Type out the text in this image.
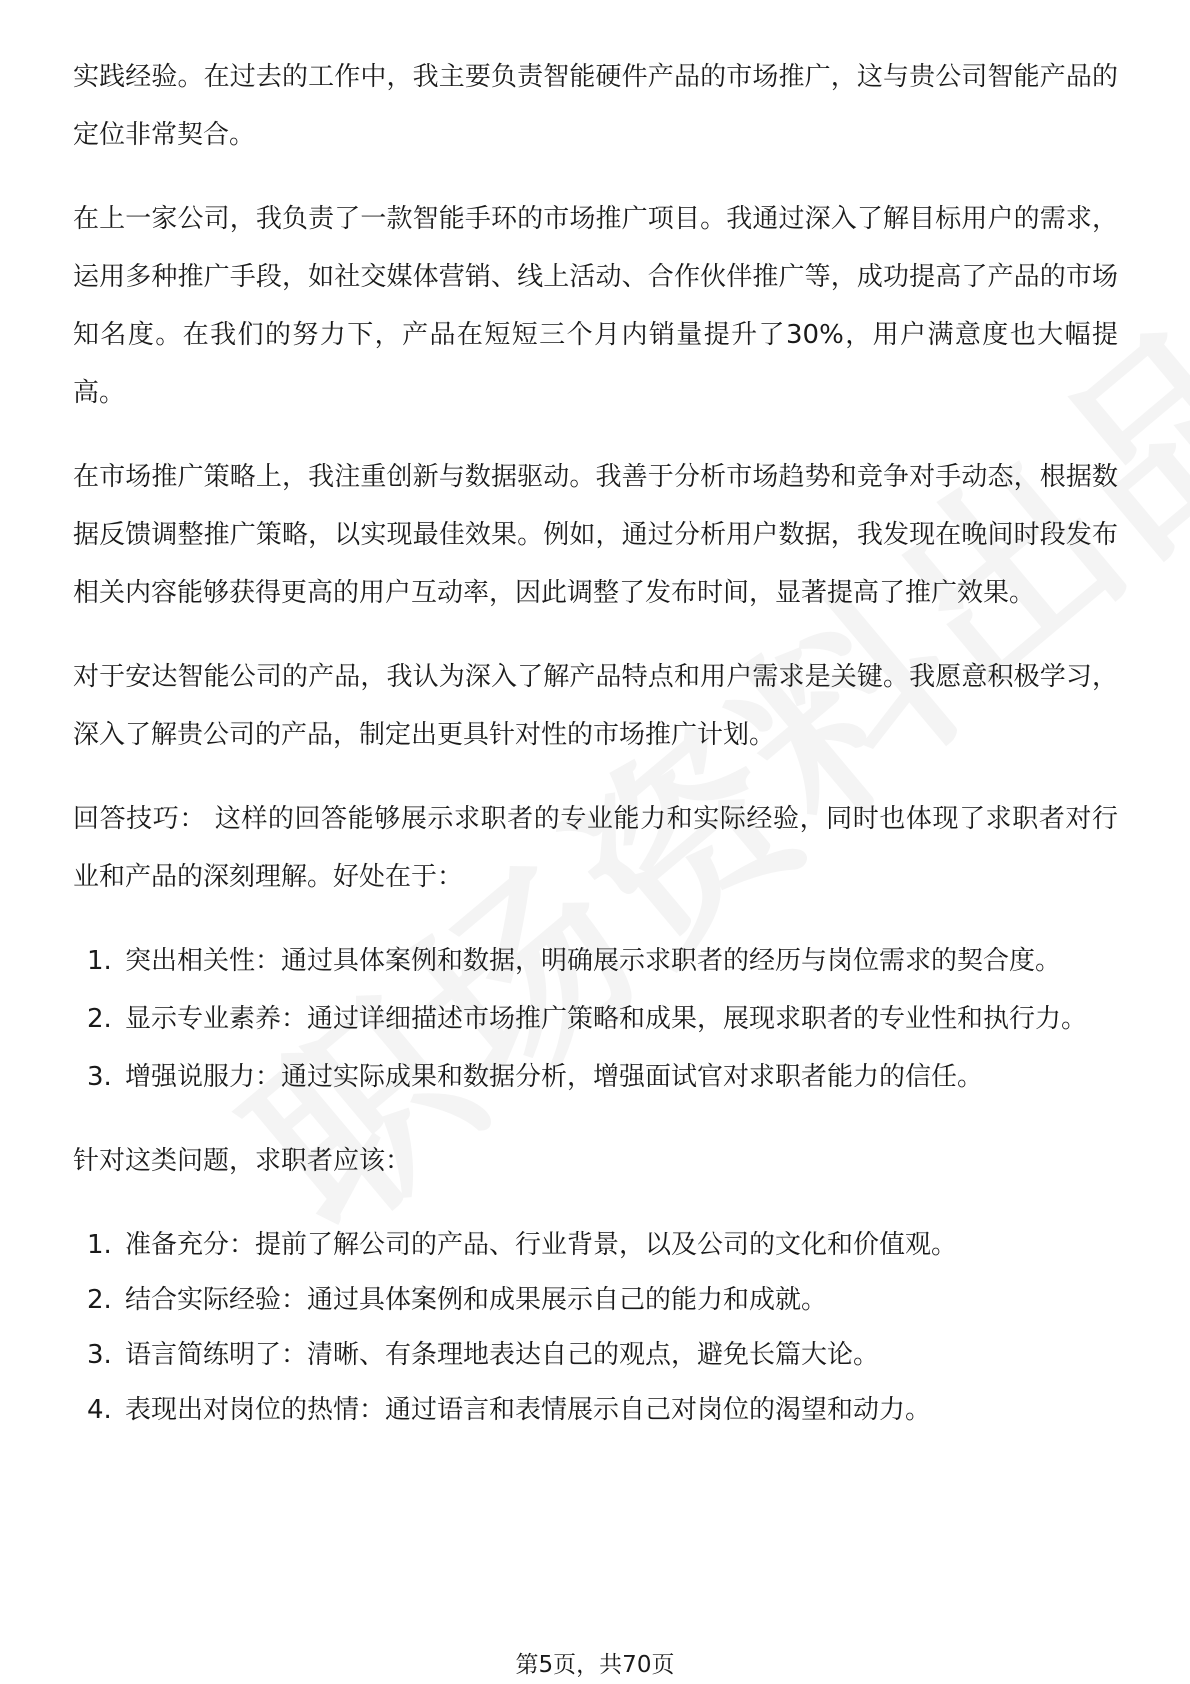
实践经验。在过去的工作中，我主要负责智能硬件产品的市场推广，这与贵公司智能产品的定位非常契合。

在上一家公司，我负责了一款智能手环的市场推广项目。我通过深入了解目标用户的需求，运用多种推广手段，如社交媒体营销、线上活动、合作伙伴推广等，成功提高了产品的市场知名度。在我们的努力下，产品在短短三个月内销量提升了30%，用户满意度也大幅提高。

在市场推广策略上，我注重创新与数据驱动。我善于分析市场趋势和竞争对手动态，根据数据反馈调整推广策略，以实现最佳效果。例如，通过分析用户数据，我发现在晚间时段发布相关内容能够获得更高的用户互动率，因此调整了发布时间，显著提高了推广效果。

对于安达智能公司的产品，我认为深入了解产品特点和用户需求是关键。我愿意积极学习，深入了解贵公司的产品，制定出更具针对性的市场推广计划。

回答技巧： 这样的回答能够展示求职者的专业能力和实际经验，同时也体现了求职者对行业和产品的深刻理解。好处在于：

1. 突出相关性：通过具体案例和数据，明确展示求职者的经历与岗位需求的契合度。
2. 显示专业素养：通过详细描述市场推广策略和成果，展现求职者的专业性和执行力。
3. 增强说服力：通过实际成果和数据分析，增强面试官对求职者能力的信任。

针对这类问题，求职者应该：

1. 准备充分：提前了解公司的产品、行业背景，以及公司的文化和价值观。
2. 结合实际经验：通过具体案例和成果展示自己的能力和成就。
3. 语言简练明了：清晰、有条理地表达自己的观点，避免长篇大论。
4. 表现出对岗位的热情：通过语言和表情展示自己对岗位的渴望和动力。
第5页，共70页
